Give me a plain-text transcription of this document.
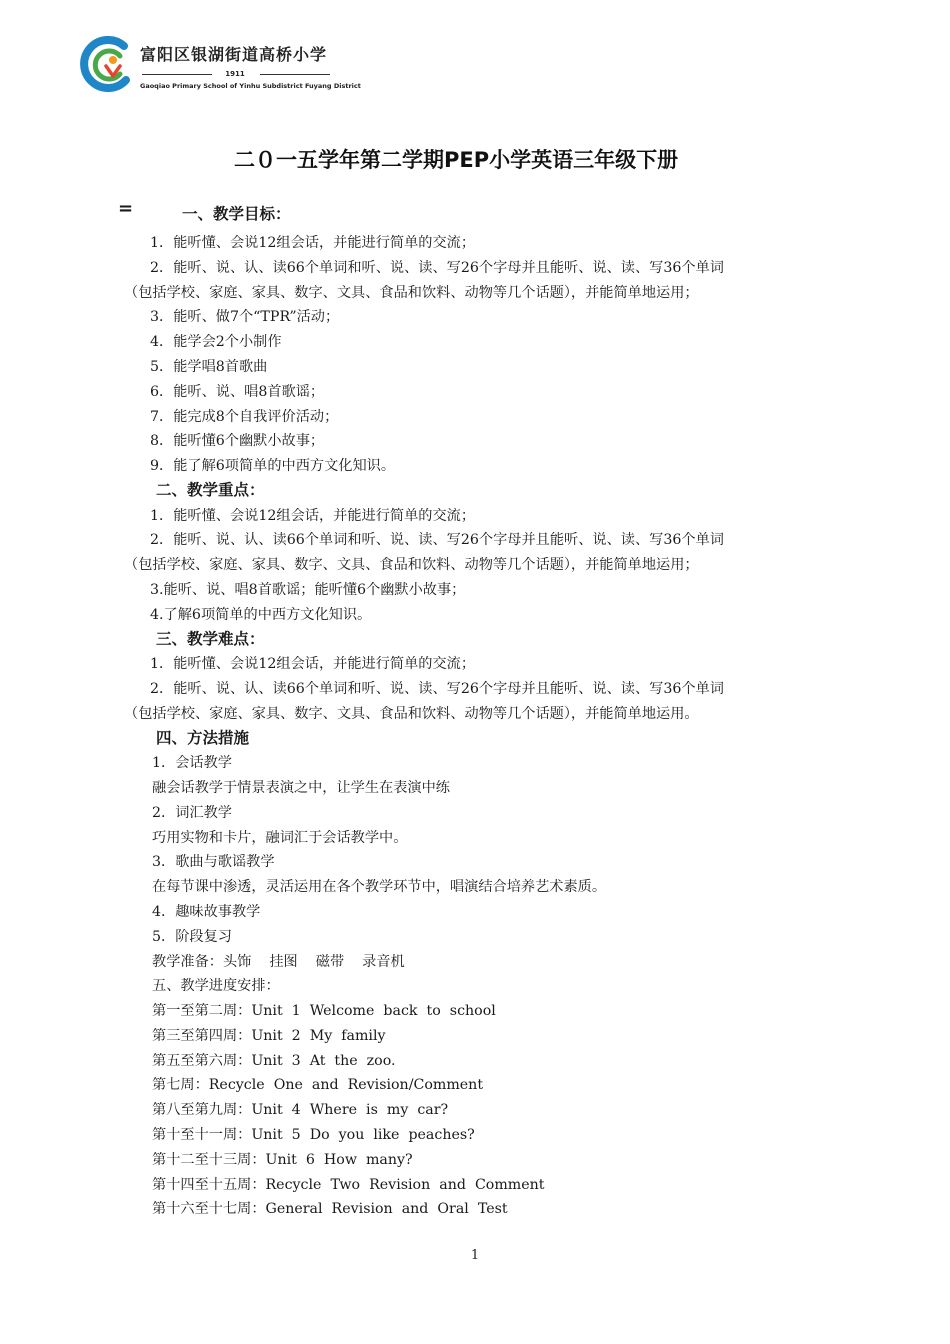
富阳区银湖街道高桥小学
1911
Gaoqiao Primary School of Yinhu Subdistrict Fuyang District
二０一五学年第二学期PEP小学英语三年级下册
=	一、教学目标：
1．能听懂、会说12组会话，并能进行简单的交流；
2．能听、说、认、读66个单词和听、说、读、写26个字母并且能听、说、读、写36个单词
（包括学校、家庭、家具、数字、文具、食品和饮料、动物等几个话题），并能简单地运用；
3．能听、做7个“TPR”活动；
4．能学会2个小制作
5．能学唱8首歌曲
6．能听、说、唱8首歌谣；
7．能完成8个自我评价活动；
8．能听懂6个幽默小故事；
9．能了解6项简单的中西方文化知识。
二、教学重点：
1．能听懂、会说12组会话，并能进行简单的交流；
2．能听、说、认、读66个单词和听、说、读、写26个字母并且能听、说、读、写36个单词
（包括学校、家庭、家具、数字、文具、食品和饮料、动物等几个话题），并能简单地运用；
3.能听、说、唱8首歌谣；能听懂6个幽默小故事；
4.了解6项简单的中西方文化知识。
三、教学难点：
1．能听懂、会说12组会话，并能进行简单的交流；
2．能听、说、认、读66个单词和听、说、读、写26个字母并且能听、说、读、写36个单词
（包括学校、家庭、家具、数字、文具、食品和饮料、动物等几个话题），并能简单地运用。
四、方法措施
1．会话教学
融会话教学于情景表演之中，让学生在表演中练
2．词汇教学
巧用实物和卡片，融词汇于会话教学中。
3．歌曲与歌谣教学
在每节课中渗透，灵活运用在各个教学环节中，唱演结合培养艺术素质。
4．趣味故事教学
5．阶段复习
教学准备：头饰    挂图    磁带    录音机
五、教学进度安排：
第一至第二周：Unit  1  Welcome  back  to  school
第三至第四周：Unit  2  My  family
第五至第六周：Unit  3  At  the  zoo.
第七周：Recycle  One  and  Revision/Comment
第八至第九周：Unit  4  Where  is  my  car?
第十至十一周：Unit  5  Do  you  like  peaches?
第十二至十三周：Unit  6  How  many?
第十四至十五周：Recycle  Two  Revision  and  Comment
第十六至十七周：General  Revision  and  Oral  Test
1
